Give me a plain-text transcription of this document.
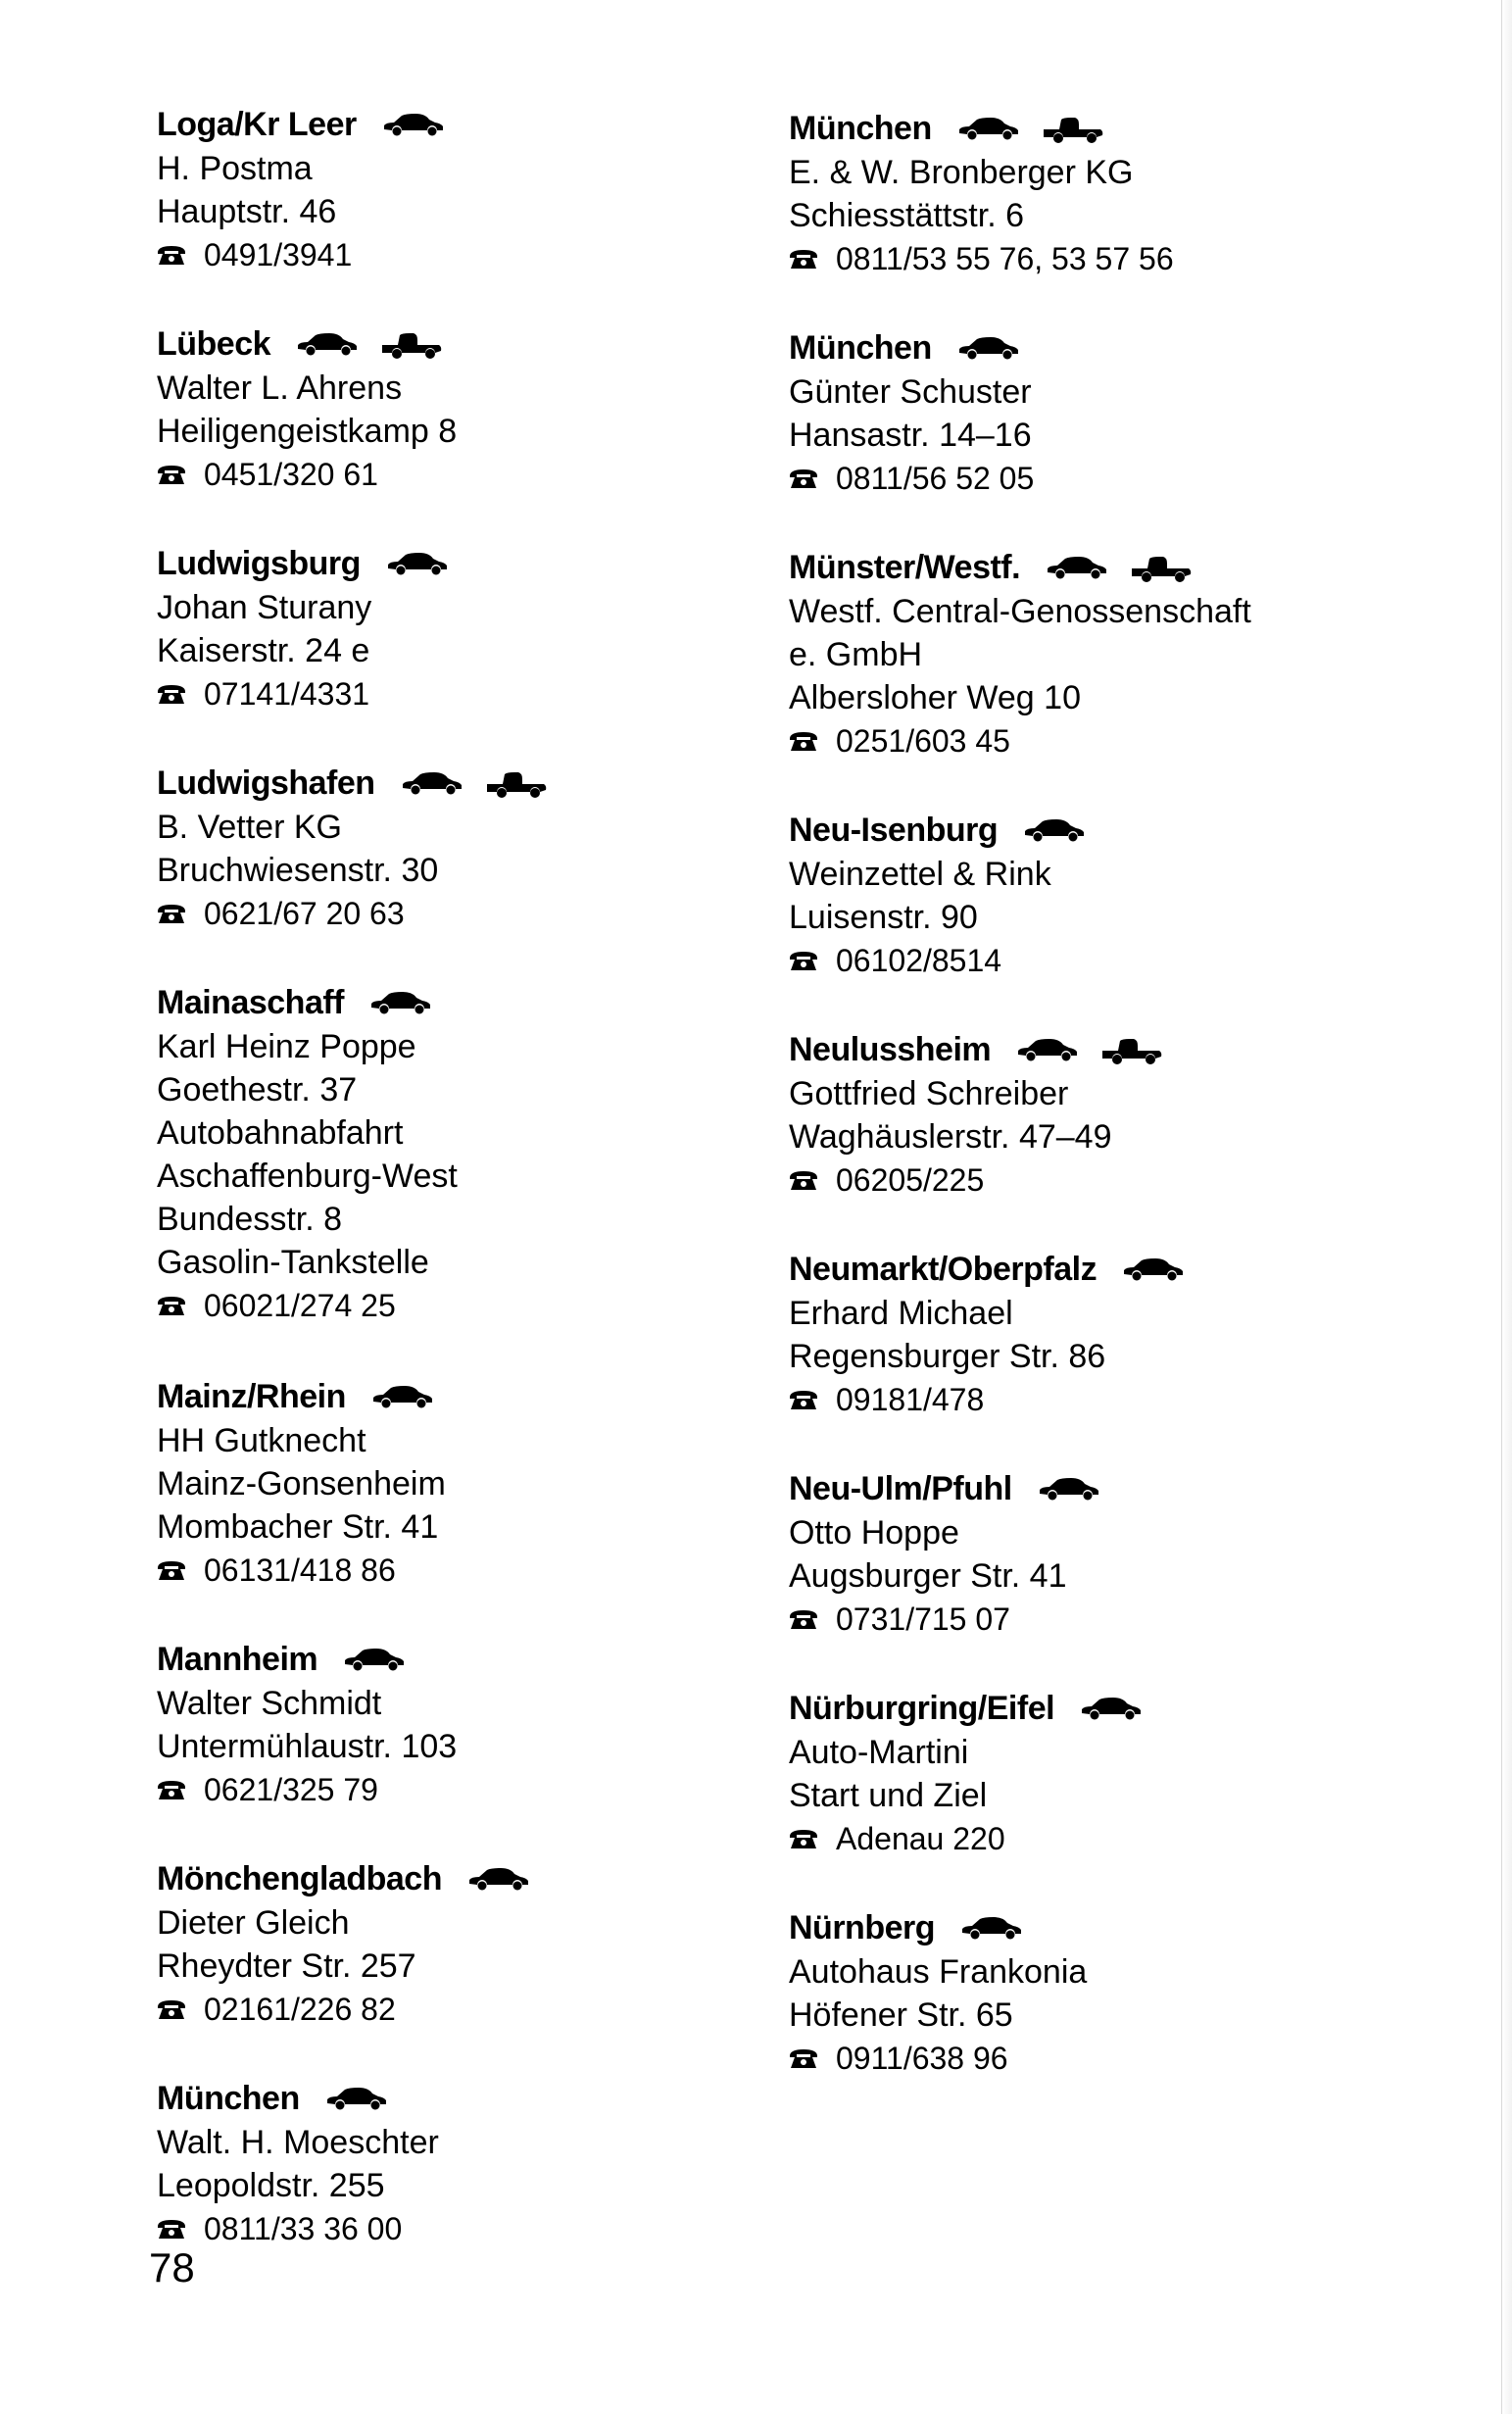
Loga/Kr Leer
H. Postma
Hauptstr. 46
0491/3941
Lübeck
Walter L. Ahrens
Heiligengeistkamp 8
0451/320 61
Ludwigsburg
Johan Sturany
Kaiserstr. 24 e
07141/4331
Ludwigshafen
B. Vetter KG
Bruchwiesenstr. 30
0621/67 20 63
Mainaschaff
Karl Heinz Poppe
Goethestr. 37
Autobahnabfahrt
Aschaffenburg-West
Bundesstr. 8
Gasolin-Tankstelle
06021/274 25
Mainz/Rhein
HH Gutknecht
Mainz-Gonsenheim
Mombacher Str. 41
06131/418 86
Mannheim
Walter Schmidt
Untermühlaustr. 103
0621/325 79
Mönchengladbach
Dieter Gleich
Rheydter Str. 257
02161/226 82
München
Walt. H. Moeschter
Leopoldstr. 255
0811/33 36 00
München
E. & W. Bronberger KG
Schiesstättstr. 6
0811/53 55 76, 53 57 56
München
Günter Schuster
Hansastr. 14–16
0811/56 52 05
Münster/Westf.
Westf. Central-Genossenschaft
e. GmbH
Albersloher Weg 10
0251/603 45
Neu-Isenburg
Weinzettel & Rink
Luisenstr. 90
06102/8514
Neulussheim
Gottfried Schreiber
Waghäuslerstr. 47–49
06205/225
Neumarkt/Oberpfalz
Erhard Michael
Regensburger Str. 86
09181/478
Neu-Ulm/Pfuhl
Otto Hoppe
Augsburger Str. 41
0731/715 07
Nürburgring/Eifel
Auto-Martini
Start und Ziel
Adenau 220
Nürnberg
Autohaus Frankonia
Höfener Str. 65
0911/638 96
78
